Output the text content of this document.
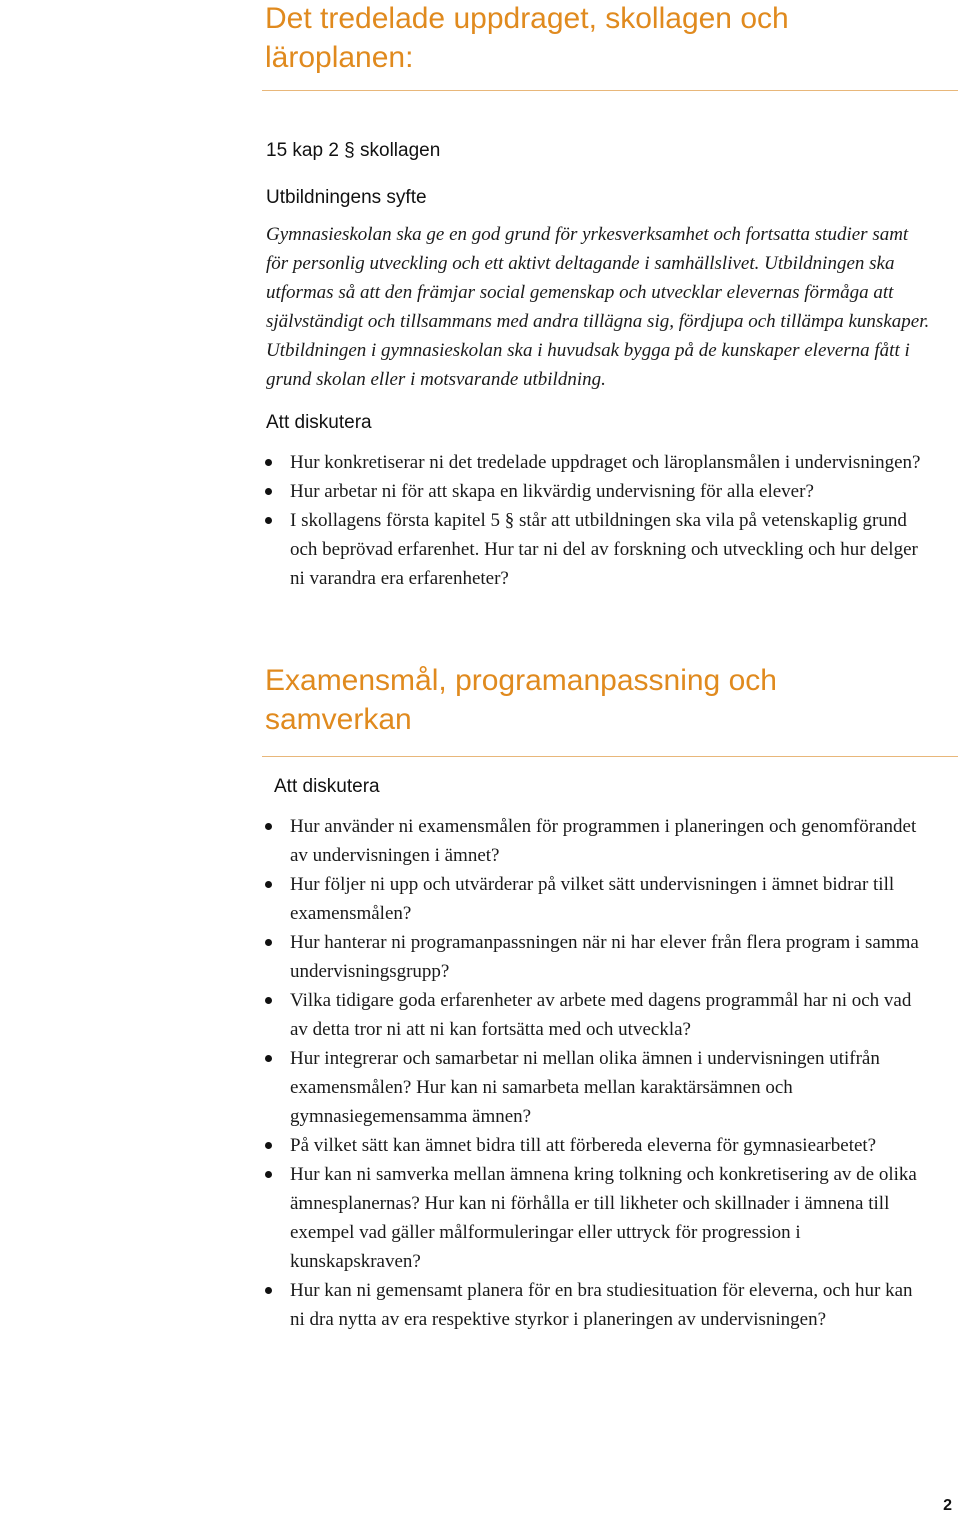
Det tredelade uppdraget, skollagen och läroplanen:
15 kap 2 § skollagen
Utbildningens syfte
Gymnasieskolan ska ge en god grund för yrkesverksamhet och fortsatta studier samt för personlig utveckling och ett aktivt deltagande i samhällslivet. Utbildningen ska utformas så att den främjar social gemenskap och utvecklar elevernas förmåga att självständigt och tillsammans med andra tillägna sig, fördjupa och tillämpa kunskaper. Utbildningen i gymnasieskolan ska i huvudsak bygga på de kunskaper eleverna fått i grund skolan eller i motsvarande utbildning.
Att diskutera
Hur konkretiserar ni det tredelade uppdraget och läroplansmålen i undervisningen?
Hur arbetar ni för att skapa en likvärdig undervisning för alla elever?
I skollagens första kapitel 5 § står att utbildningen ska vila på vetenskaplig grund och beprövad erfarenhet. Hur tar ni del av forskning och utveckling och hur delger ni varandra era erfarenheter?
Examensmål, programanpassning och samverkan
Att diskutera
Hur använder ni examensmålen för programmen i planeringen och genomförandet av undervisningen i ämnet?
Hur följer ni upp och utvärderar på vilket sätt undervisningen i ämnet bidrar till examensmålen?
Hur hanterar ni programanpassningen när ni har elever från flera program i samma undervisningsgrupp?
Vilka tidigare goda erfarenheter av arbete med dagens programmål har ni och vad av detta tror ni att ni kan fortsätta med och utveckla?
Hur integrerar och samarbetar ni mellan olika ämnen i undervisningen utifrån examensmålen? Hur kan ni samarbeta mellan karaktärsämnen och gymnasiegemensamma ämnen?
På vilket sätt kan ämnet bidra till att förbereda eleverna för gymnasiearbetet?
Hur kan ni samverka mellan ämnena kring tolkning och konkretisering av de olika ämnesplanernas? Hur kan ni förhålla er till likheter och skillnader i ämnena till exempel vad gäller målformuleringar eller uttryck för progression i kunskapskraven?
Hur kan ni gemensamt planera för en bra studiesituation för eleverna, och hur kan ni dra nytta av era respektive styrkor i planeringen av undervisningen?
2
